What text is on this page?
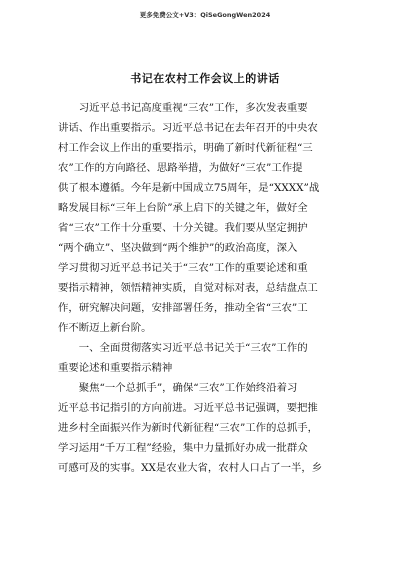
更多免费公文+V3：QiSeGongWen2024
书记在农村工作会议上的讲话
　　习近平总书记高度重视“三农”工作，多次发表重要
讲话、作出重要指示。习近平总书记在去年召开的中央农
村工作会议上作出的重要指示，明确了新时代新征程“三
农”工作的方向路径、思路举措，为做好“三农”工作提
供了根本遵循。今年是新中国成立75周年，是“XXXX”战
略发展目标“三年上台阶”承上启下的关键之年，做好全
省“三农”工作十分重要、十分关键。我们要从坚定拥护
“两个确立”、坚决做到“两个维护”的政治高度，深入
学习贯彻习近平总书记关于“三农”工作的重要论述和重
要指示精神，领悟精神实质，自觉对标对表，总结盘点工
作，研究解决问题，安排部署任务，推动全省“三农”工
作不断迈上新台阶。
　　一、全面贯彻落实习近平总书记关于“三农”工作的
重要论述和重要指示精神
　　聚焦“一个总抓手”，确保“三农”工作始终沿着习
近平总书记指引的方向前进。习近平总书记强调，要把推
进乡村全面振兴作为新时代新征程“三农”工作的总抓手，
学习运用“千万工程”经验，集中力量抓好办成一批群众
可感可及的实事。XX是农业大省，农村人口占了一半，乡
